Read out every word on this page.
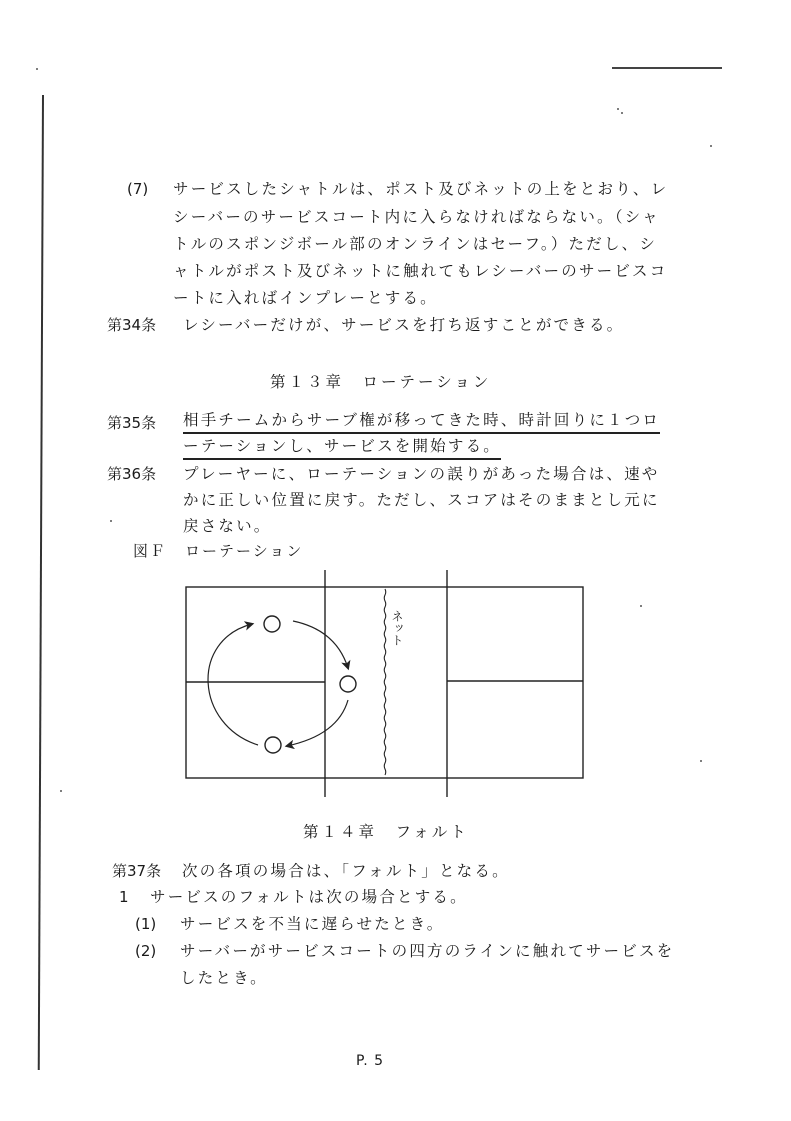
(7) サービスしたシャトルは、ポスト及びネットの上をとおり、レ
シーバーのサービスコート内に入らなければならない。（シャ
トルのスポンジボール部のオンラインはセーフ。）ただし、シ
ャトルがポスト及びネットに触れてもレシーバーのサービスコ
ートに入ればインプレーとする。
第34条 レシーバーだけが、サービスを打ち返すことができる。
第１３章　ローテーション
第35条 相手チームからサーブ権が移ってきた時、時計回りに１つロ
ーテーションし、サービスを開始する。
第36条 プレーヤーに、ローテーションの誤りがあった場合は、速や
かに正しい位置に戻す。ただし、スコアはそのままとし元に
戻さない。
図Ｆ ローテーション
ネット
第１４章　フォルト
第37条 次の各項の場合は、「フォルト」となる。
1 サービスのフォルトは次の場合とする。
(1) サービスを不当に遅らせたとき。
(2) サーバーがサービスコートの四方のラインに触れてサービスを
したとき。
P. 5
